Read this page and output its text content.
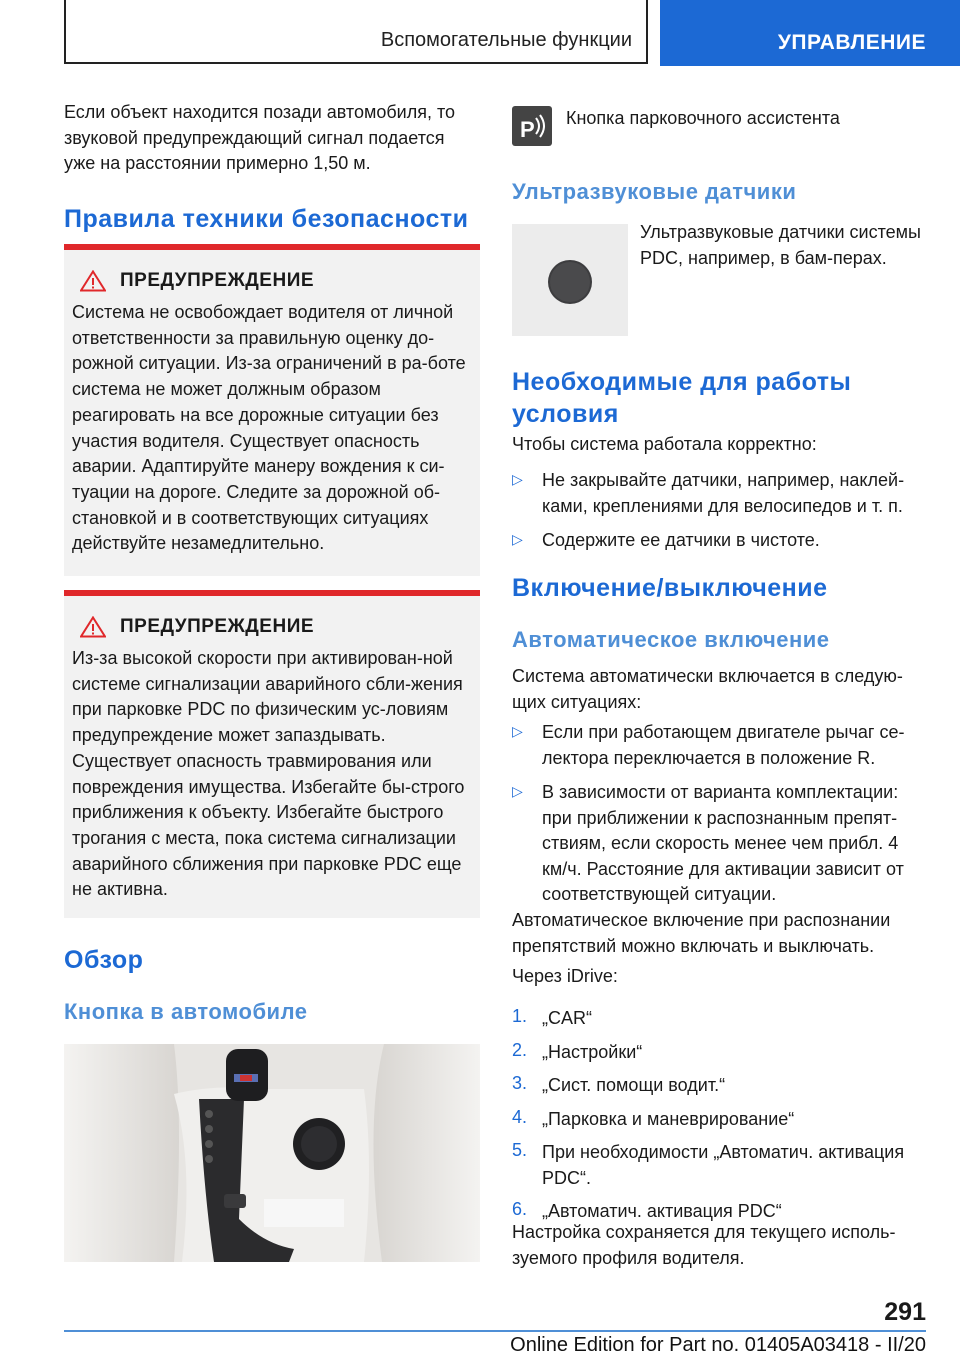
Вспомогательные функции	УПРАВЛЕНИЕ

Если объект находится позади автомобиля, то звуковой предупреждающий сигнал подается уже на расстоянии примерно 1,50 м.

Правила техники безопасности
ПРЕДУПРЕЖДЕНИЕ

Система не освобождает водителя от личной ответственности за правильную оценку до-рожной ситуации. Из-за ограничений в ра-боте система не может должным образом реагировать на все дорожные ситуации без участия водителя. Существует опасность аварии. Адаптируйте манеру вождения к си-туации на дороге. Следите за дорожной об-становкой и в соответствующих ситуациях действуйте незамедлительно.

ПРЕДУПРЕЖДЕНИЕ

Из-за высокой скорости при активирован-ной системе сигнализации аварийного сбли-жения при парковке PDC по физическим ус-ловиям предупреждение может запаздывать. Существует опасность травмирования или повреждения имущества. Избегайте бы-строго приближения к объекту. Избегайте быстрого трогания с места, пока система сигнализации аварийного сближения при парковке PDC еще не активна.

Обзор
Кнопка в автомобиле
P Кнопка парковочного ассистента

Ультразвуковые датчики

Ультразвуковые датчики системы PDC, например, в бам-перах.

Необходимые для работы условия

Чтобы система работала корректно:

▷	Не закрывайте датчики, например, наклей-ками, креплениями для велосипедов и т. п.

▷	Содержите ее датчики в чистоте.

Включение/выключение
Автоматическое включение

Система автоматически включается в следую-щих ситуациях:

▷	Если при работающем двигателе рычаг се-лектора переключается в положение R.

▷	В зависимости от варианта комплектации: при приближении к распознанным препят-ствиям, если скорость менее чем прибл. 4 км/ч. Расстояние для активации зависит от соответствующей ситуации.

Автоматическое включение при распознании препятствий можно включать и выключать.

Через iDrive:

1. „CAR“

2. „Настройки“

3. „Сист. помощи водит.“

4. „Парковка и маневрирование“

5. При необходимости „Автоматич. активация PDC“.

6. „Автоматич. активация PDC“

Настройка сохраняется для текущего исполь-зуемого профиля водителя.

291
Online Edition for Part no. 01405A03418 - II/20
